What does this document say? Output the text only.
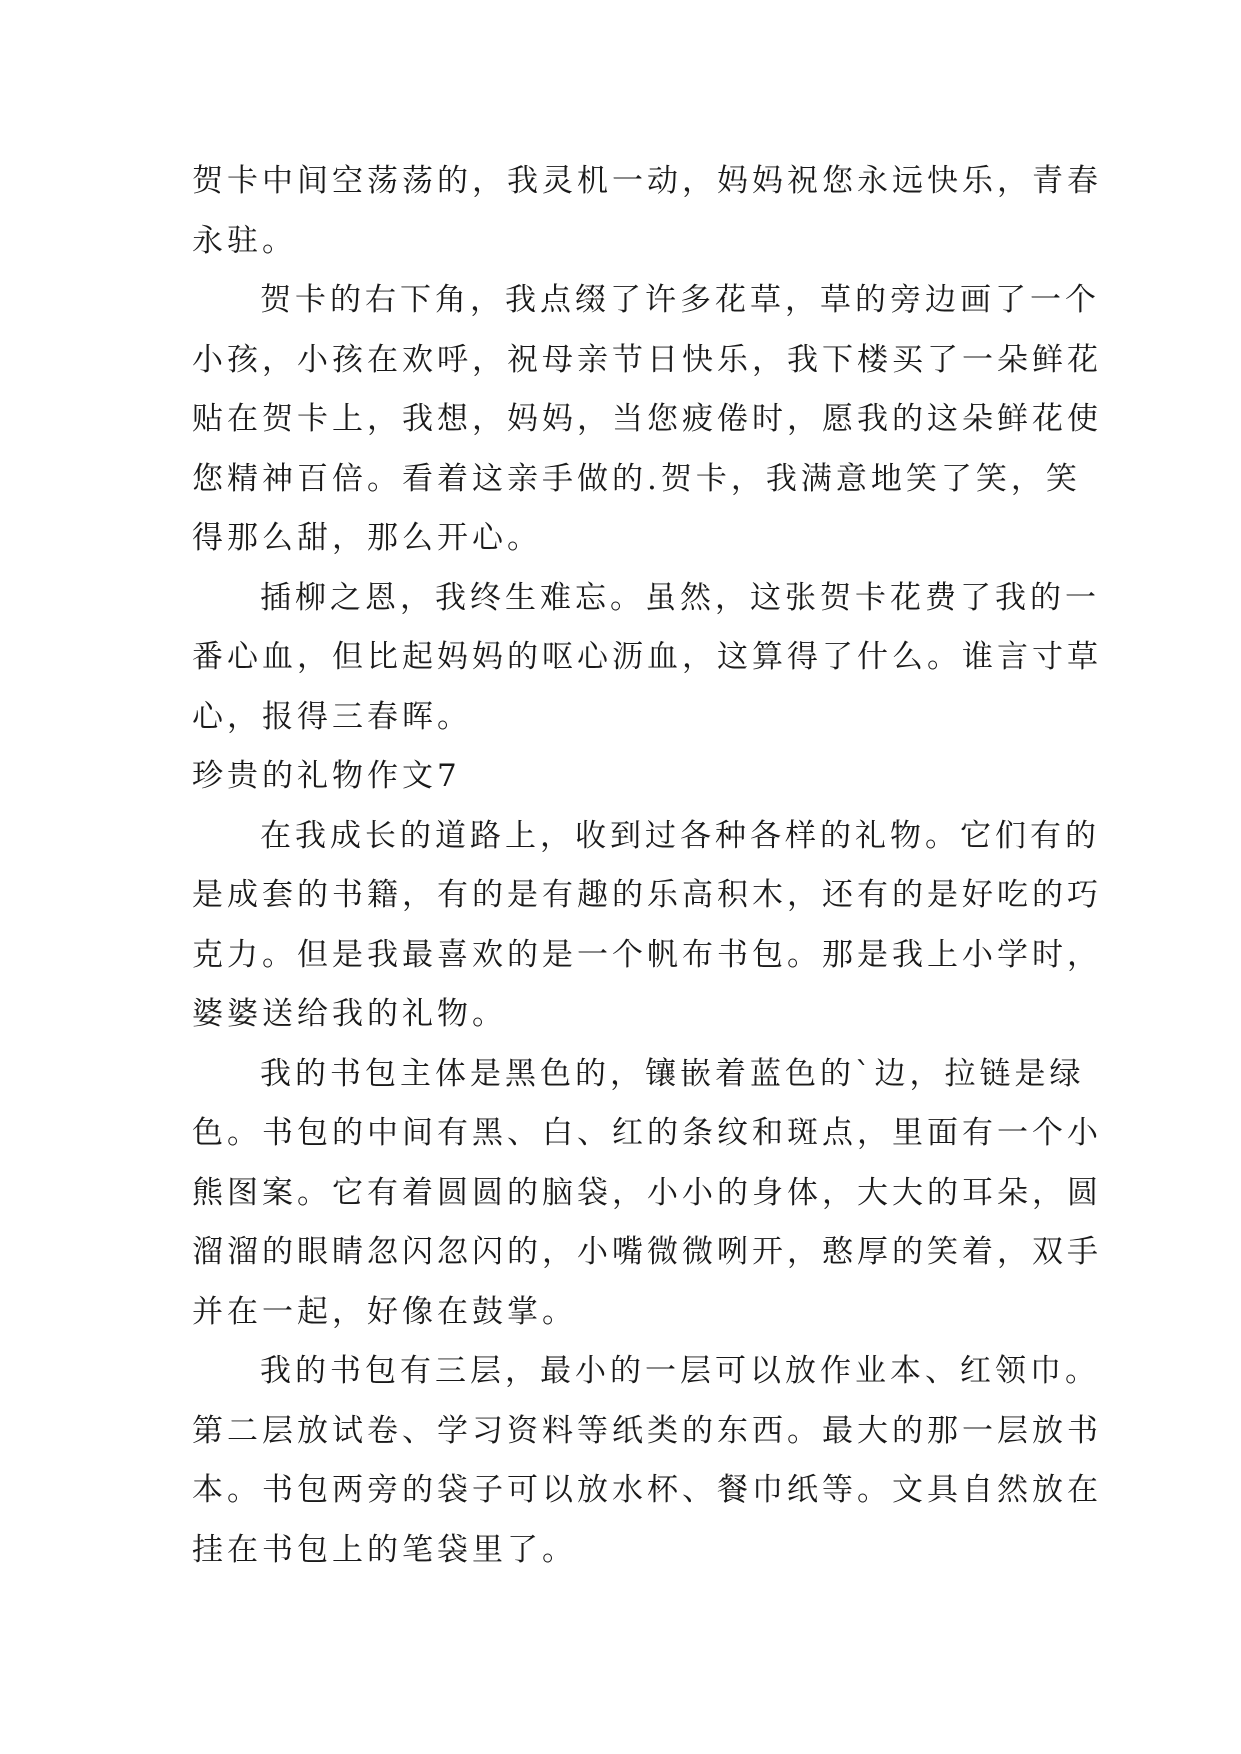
贺卡中间空荡荡的，我灵机一动，妈妈祝您永远快乐，青春
永驻。
贺卡的右下角，我点缀了许多花草，草的旁边画了一个
小孩，小孩在欢呼，祝母亲节日快乐，我下楼买了一朵鲜花
贴在贺卡上，我想，妈妈，当您疲倦时，愿我的这朵鲜花使
您精神百倍。看着这亲手做的.贺卡，我满意地笑了笑，笑
得那么甜，那么开心。
插柳之恩，我终生难忘。虽然，这张贺卡花费了我的一
番心血，但比起妈妈的呕心沥血，这算得了什么。谁言寸草
心，报得三春晖。
珍贵的礼物作文7
在我成长的道路上，收到过各种各样的礼物。它们有的
是成套的书籍，有的是有趣的乐高积木，还有的是好吃的巧
克力。但是我最喜欢的是一个帆布书包。那是我上小学时，
婆婆送给我的礼物。
我的书包主体是黑色的，镶嵌着蓝色的`边，拉链是绿
色。书包的中间有黑、白、红的条纹和斑点，里面有一个小
熊图案。它有着圆圆的脑袋，小小的身体，大大的耳朵，圆
溜溜的眼睛忽闪忽闪的，小嘴微微咧开，憨厚的笑着，双手
并在一起，好像在鼓掌。
我的书包有三层，最小的一层可以放作业本、红领巾。
第二层放试卷、学习资料等纸类的东西。最大的那一层放书
本。书包两旁的袋子可以放水杯、餐巾纸等。文具自然放在
挂在书包上的笔袋里了。
